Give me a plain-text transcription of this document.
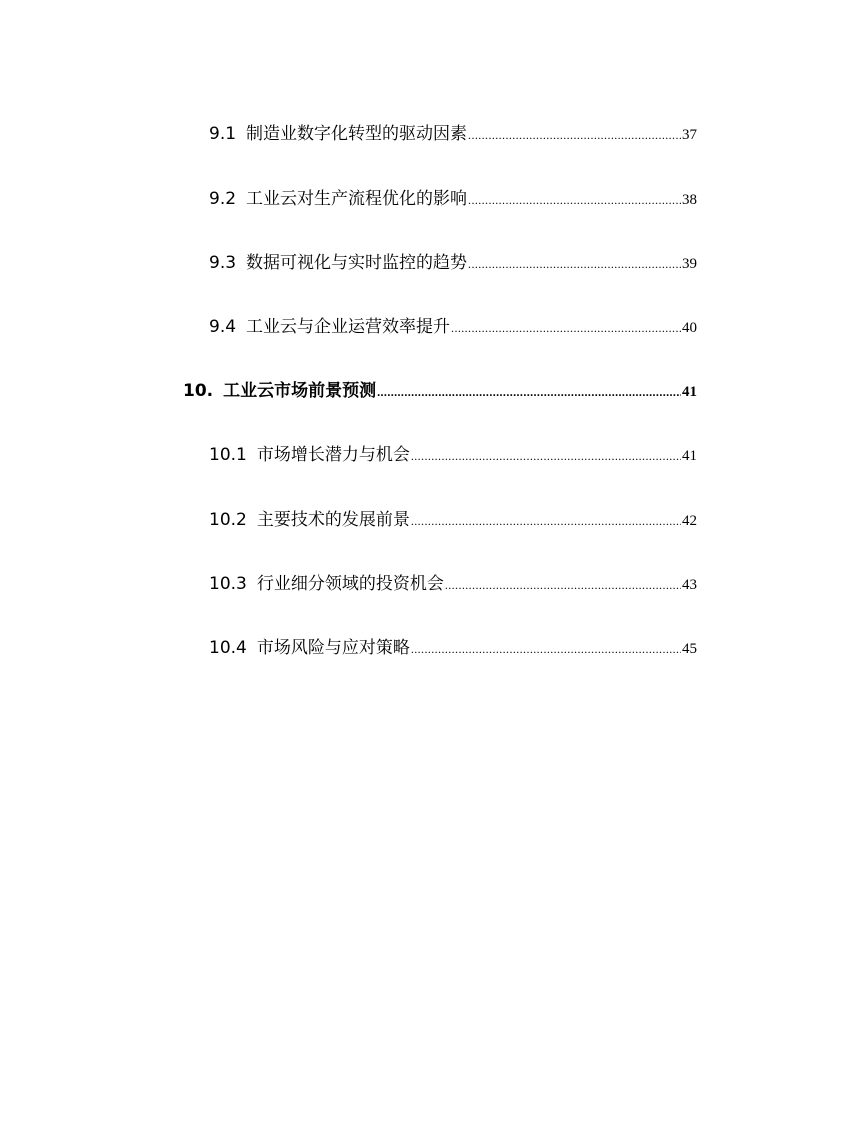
9.1 制造业数字化转型的驱动因素 .....	37
9.2 工业云对生产流程优化的影响 .....	38
9.3 数据可视化与实时监控的趋势 .....	39
9.4 工业云与企业运营效率提升 .....	40
10. 工业云市场前景预测 .....	41
10.1 市场增长潜力与机会 .....	41
10.2 主要技术的发展前景 .....	42
10.3 行业细分领域的投资机会 .....	43
10.4 市场风险与应对策略 .....	45
